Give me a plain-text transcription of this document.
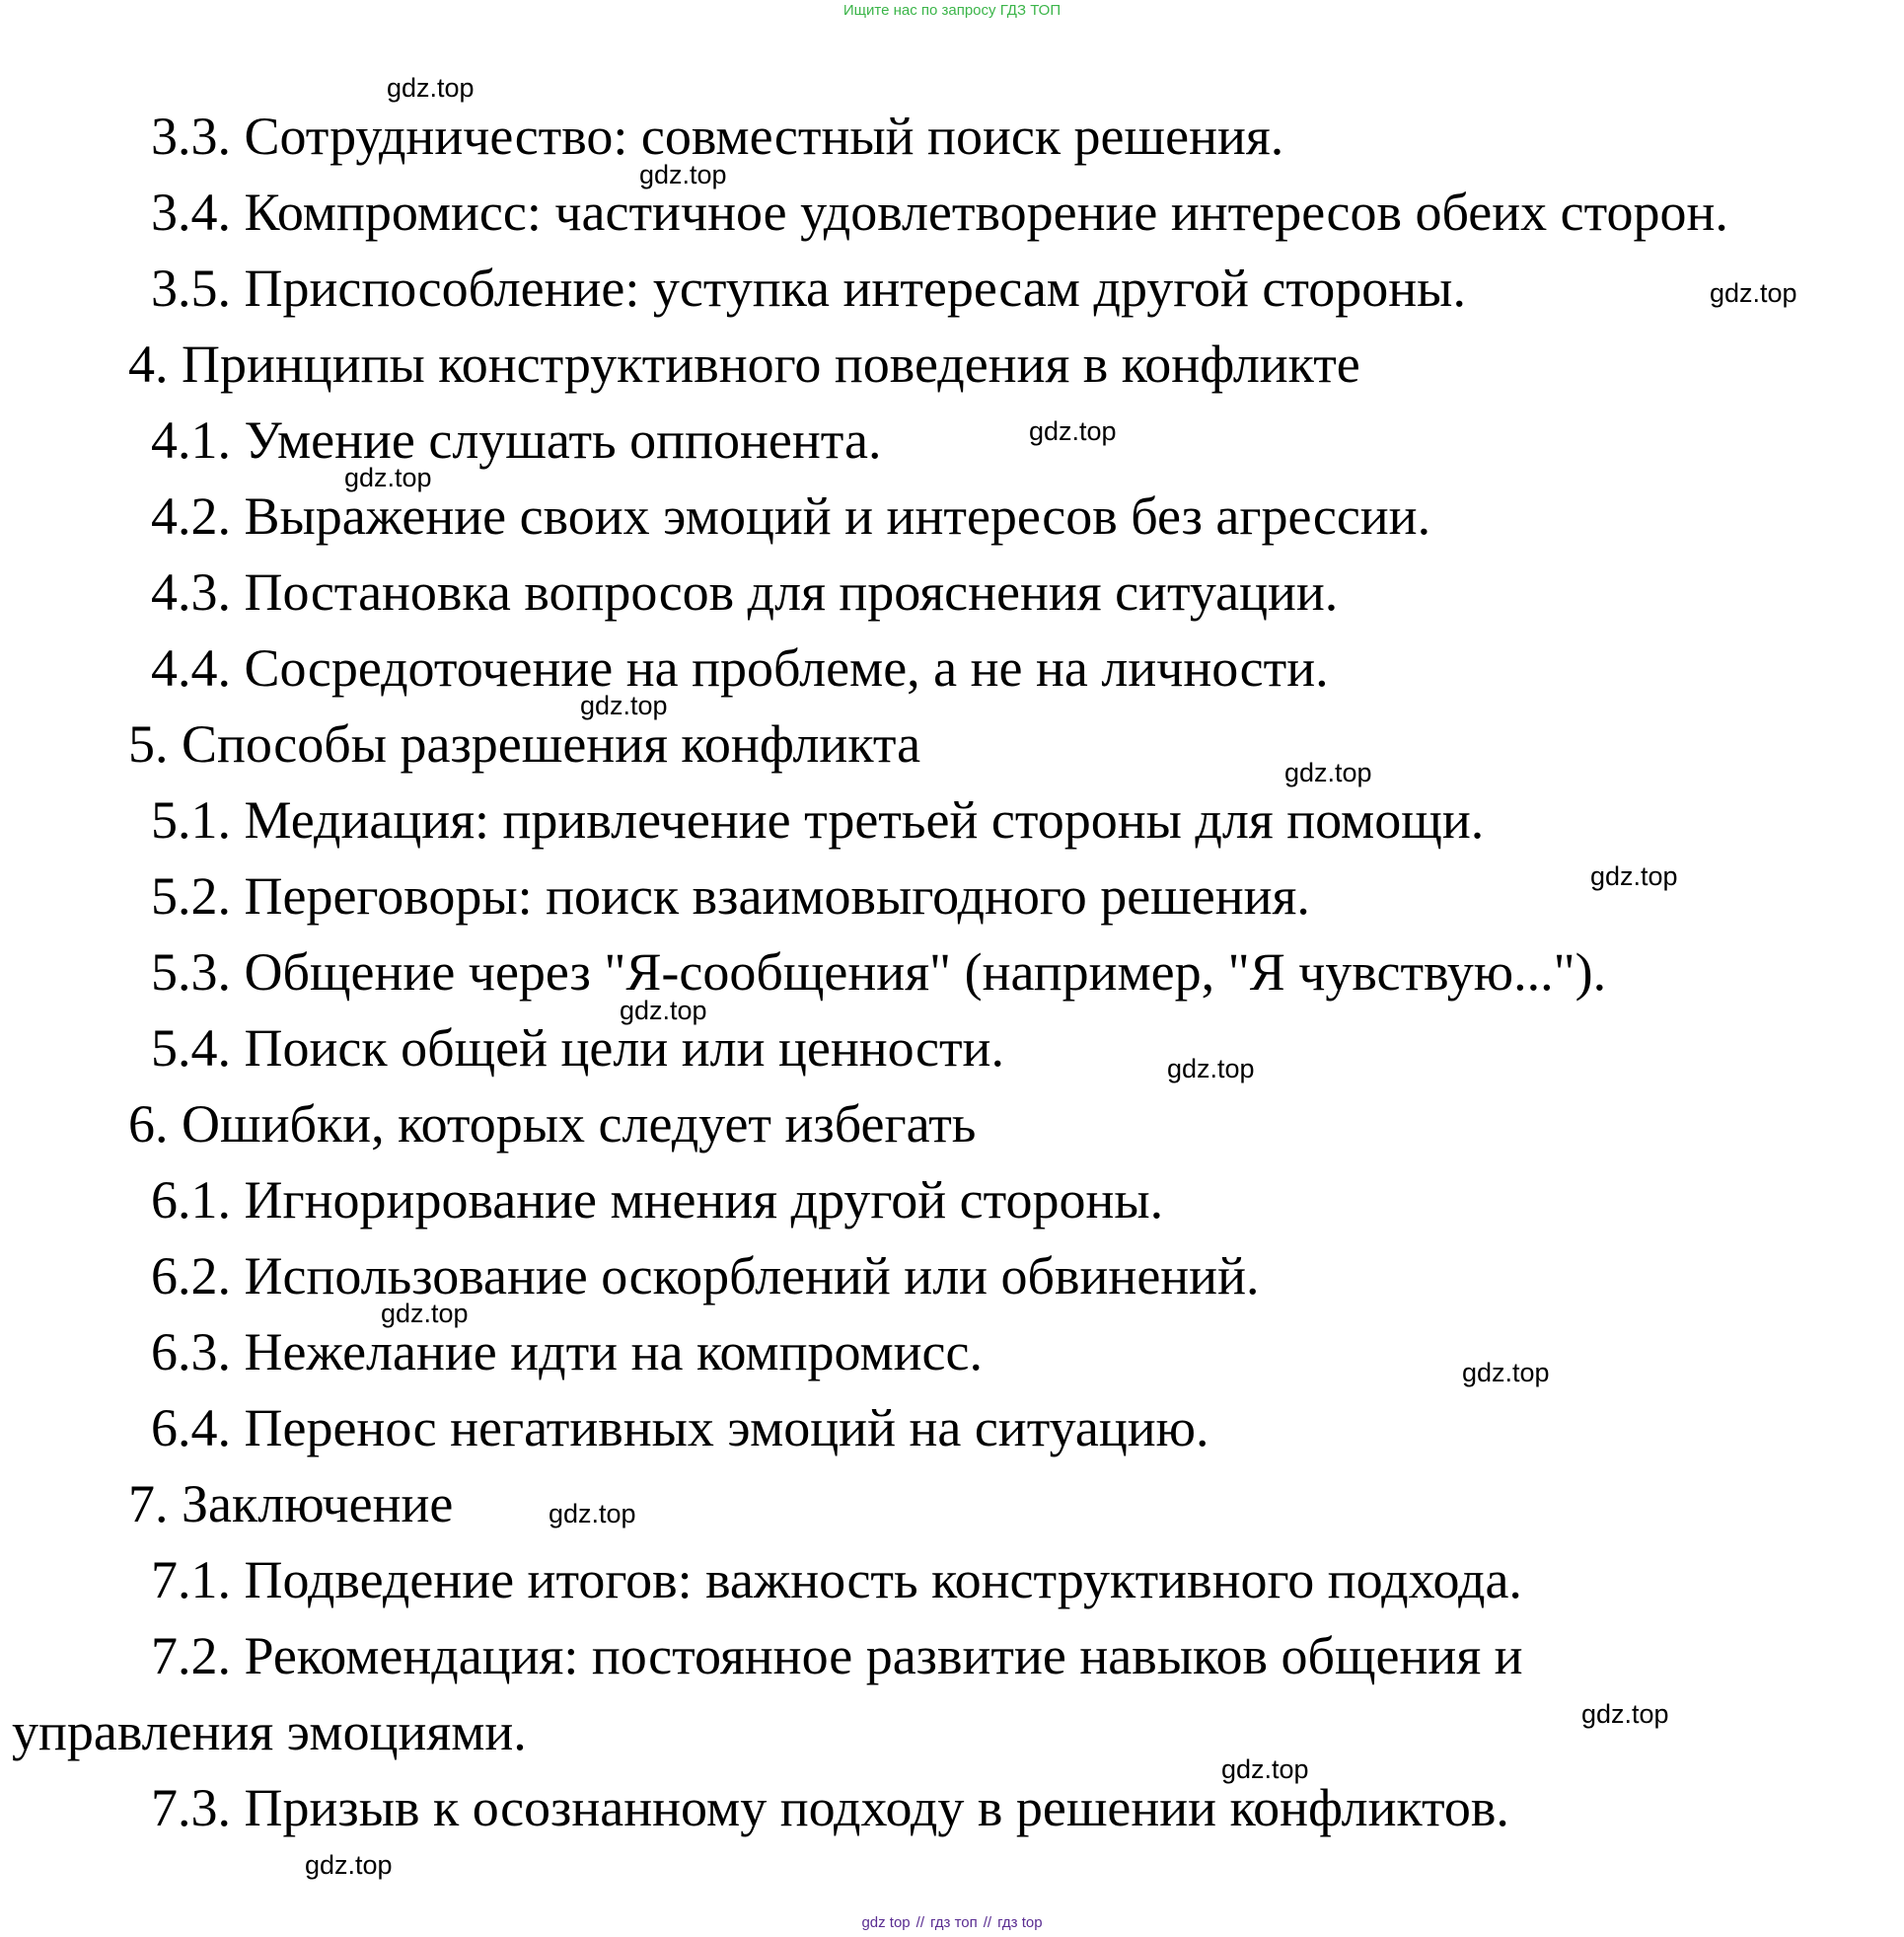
Ищите нас по запросу ГДЗ ТОП
3.3. Сотрудничество: совместный поиск решения.
3.4. Компромисс: частичное удовлетворение интересов обеих сторон.
3.5. Приспособление: уступка интересам другой стороны.
4. Принципы конструктивного поведения в конфликте
4.1. Умение слушать оппонента.
4.2. Выражение своих эмоций и интересов без агрессии.
4.3. Постановка вопросов для прояснения ситуации.
4.4. Сосредоточение на проблеме, а не на личности.
5. Способы разрешения конфликта
5.1. Медиация: привлечение третьей стороны для помощи.
5.2. Переговоры: поиск взаимовыгодного решения.
5.3. Общение через "Я-сообщения" (например, "Я чувствую...").
5.4. Поиск общей цели или ценности.
6. Ошибки, которых следует избегать
6.1. Игнорирование мнения другой стороны.
6.2. Использование оскорблений или обвинений.
6.3. Нежелание идти на компромисс.
6.4. Перенос негативных эмоций на ситуацию.
7. Заключение
7.1. Подведение итогов: важность конструктивного подхода.
7.2. Рекомендация: постоянное развитие навыков общения и
управления эмоциями.
7.3. Призыв к осознанному подходу в решении конфликтов.
gdz.top
gdz.top
gdz.top
gdz.top
gdz.top
gdz.top
gdz.top
gdz.top
gdz.top
gdz.top
gdz.top
gdz.top
gdz.top
gdz.top
gdz.top
gdz.top
gdz top // гдз топ // гдз top
